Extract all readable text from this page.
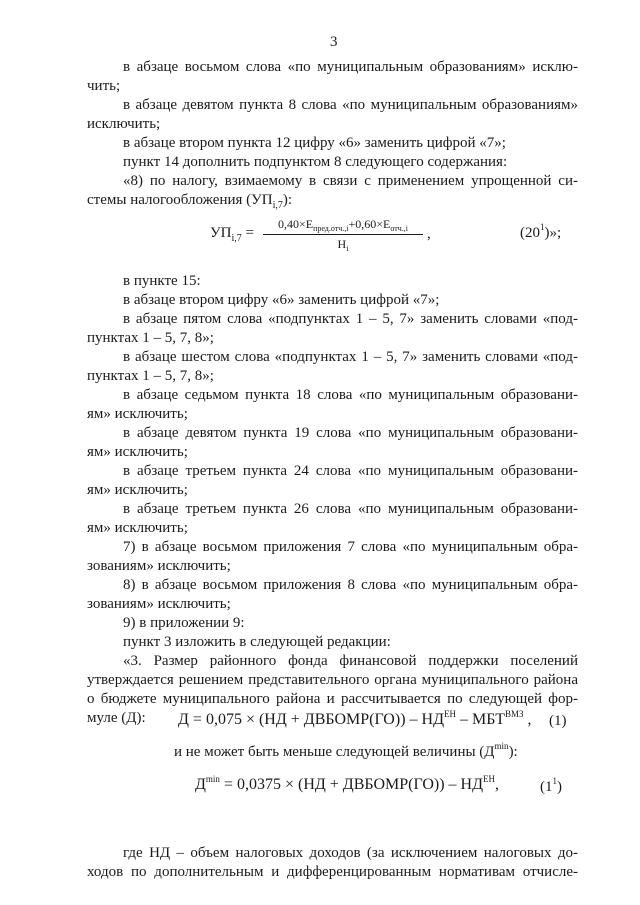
3
в абзаце восьмом слова «по муниципальным образованиям» исклю-
чить;
в абзаце девятом пункта 8 слова «по муниципальным образованиям»
исключить;
в абзаце втором пункта 12 цифру «6» заменить цифрой «7»;
пункт 14 дополнить подпунктом 8 следующего содержания:
«8) по налогу, взимаемому в связи с применением упрощенной си-
в пункте 15:
в абзаце втором цифру «6» заменить цифрой «7»;
в абзаце пятом слова «подпунктах 1 – 5, 7» заменить словами «под-
пунктах 1 – 5, 7, 8»;
в абзаце шестом слова «подпунктах 1 – 5, 7» заменить словами «под-
пунктах 1 – 5, 7, 8»;
в абзаце седьмом пункта 18 слова «по муниципальным образовани-
ям» исключить;
в абзаце девятом пункта 19 слова «по муниципальным образовани-
ям» исключить;
в абзаце третьем пункта 24 слова «по муниципальным образовани-
ям» исключить;
в абзаце третьем пункта 26 слова «по муниципальным образовани-
ям» исключить;
7) в абзаце восьмом приложения 7 слова «по муниципальным обра-
зованиям» исключить;
8) в абзаце восьмом приложения 8 слова «по муниципальным обра-
зованиям» исключить;
9) в приложении 9:
пункт 3 изложить в следующей редакции:
«3. Размер районного фонда финансовой поддержки поселений
утверждается решением представительного органа муниципального района
о бюджете муниципального района и рассчитывается по следующей фор-
муле (Д):
где НД – объем налоговых доходов (за исключением налоговых до-
ходов по дополнительным и дифференцированным нормативам отчисле-
стемы налогообложения $(УП_{i,7})$:
$УП_{i,7}$ =
$0,40\times Е_{пред.отч.,i}+0,60\times Е_{отч.,i}$
$Н_i$
,	$(20^1)$»;
Д = 0,075 × (НД + ДВБОМР(ГО)) – $НД^{ЕН} - МБТ^{ВМЗ}$ , (1)
и не может быть меньше следующей величины $(Д^{min})$:
$Д^{min} = 0,0375 \times (НД$ + ДВБОМР(ГО)) – $НД^{ЕН}$,	$(1^1)$
